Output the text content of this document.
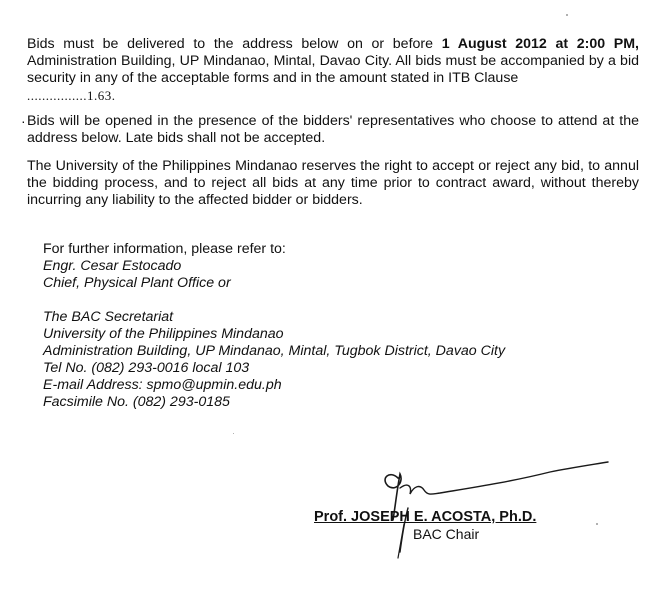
Bids must be delivered to the address below on or before 1 August 2012 at 2:00 PM, Administration Building, UP Mindanao, Mintal, Davao City. All bids must be accompanied by a bid security in any of the acceptable forms and in the amount stated in ITB Clause
................1.63.

· Bids will be opened in the presence of the bidders' representatives who choose to attend at the address below. Late bids shall not be accepted.

The University of the Philippines Mindanao reserves the right to accept or reject any bid, to annul the bidding process, and to reject all bids at any time prior to contract award, without thereby incurring any liability to the affected bidder or bidders.

For further information, please refer to:
Engr. Cesar Estocado
Chief, Physical Plant Office or
The BAC Secretariat
University of the Philippines Mindanao
Administration Building, UP Mindanao, Mintal, Tugbok District, Davao City
Tel No. (082) 293-0016 local 103
E-mail Address: spmo@upmin.edu.ph
Facsimile No. (082) 293-0185
Prof. JOSEPH E. ACOSTA, Ph.D.
BAC Chair
